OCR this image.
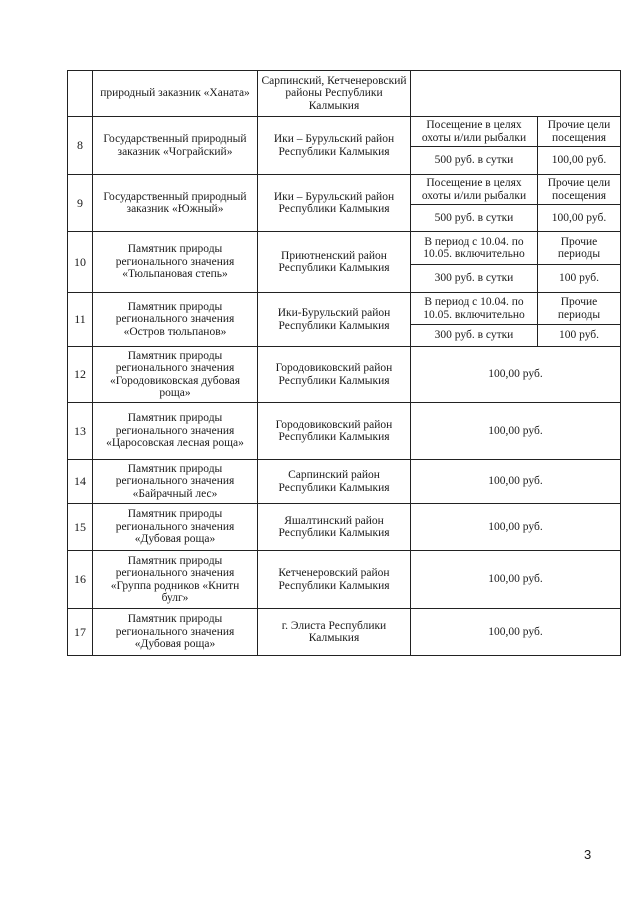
	природный заказник «Ханата»	Сарпинский, Кетченеровский районы Республики Калмыкия		
8	Государственный природный заказник «Чограйский»	Ики – Бурульский район Республики Калмыкия	Посещение в целях охоты и/или рыбалки	Прочие цели посещения
			500 руб. в сутки	100,00 руб.
9	Государственный природный заказник «Южный»	Ики – Бурульский район Республики Калмыкия	Посещение в целях охоты и/или рыбалки	Прочие цели посещения
			500 руб. в сутки	100,00 руб.
10	Памятник природы регионального значения «Тюльпановая степь»	Приютненский район Республики Калмыкия	В период с 10.04. по 10.05. включительно	Прочие периоды
			300 руб. в сутки	100 руб.
11	Памятник природы регионального значения «Остров тюльпанов»	Ики-Бурульский район Республики Калмыкия	В период с 10.04. по 10.05. включительно	Прочие периоды
			300 руб. в сутки	100 руб.
12	Памятник природы регионального значения «Городовиковская дубовая роща»	Городовиковский район Республики Калмыкия	100,00 руб.	
13	Памятник природы регионального значения «Царосовская лесная роща»	Городовиковский район Республики Калмыкия	100,00 руб.	
14	Памятник природы регионального значения «Байрачный лес»	Сарпинский район Республики Калмыкия	100,00 руб.	
15	Памятник природы регионального значения «Дубовая роща»	Яшалтинский район Республики Калмыкия	100,00 руб.	
16	Памятник природы регионального значения «Группа родников «Книтн булг»	Кетченеровский район Республики Калмыкия	100,00 руб.	
17	Памятник природы регионального значения «Дубовая роща»	г. Элиста Республики Калмыкия	100,00 руб.	
3
